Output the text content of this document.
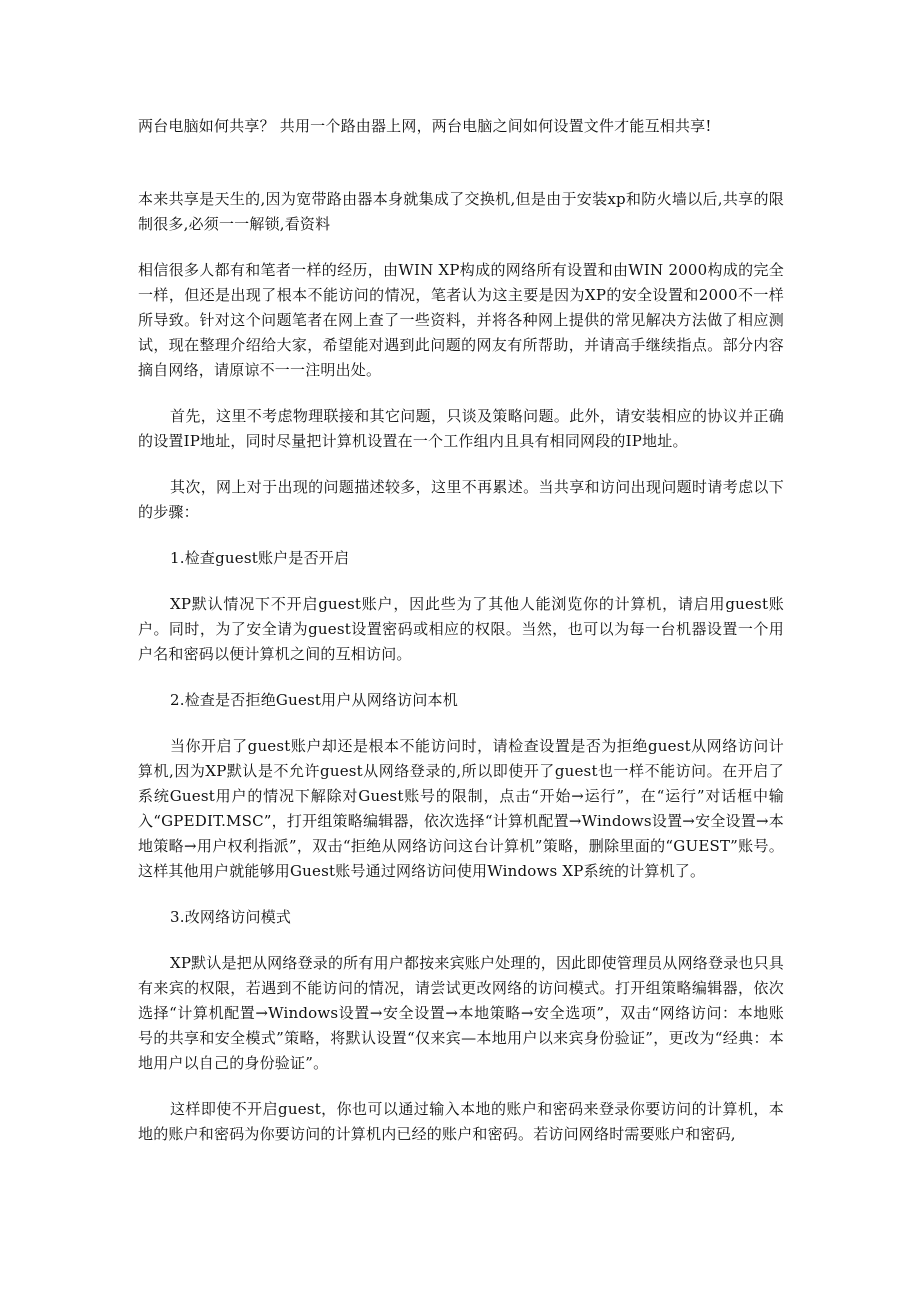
两台电脑如何共享？ 共用一个路由器上网，两台电脑之间如何设置文件才能互相共享!

本来共享是天生的,因为宽带路由器本身就集成了交换机,但是由于安装xp和防火墙以后,共享的限制很多,必须一一解锁,看资料

相信很多人都有和笔者一样的经历，由WIN XP构成的网络所有设置和由WIN 2000构成的完全一样，但还是出现了根本不能访问的情况，笔者认为这主要是因为XP的安全设置和2000不一样所导致。针对这个问题笔者在网上查了一些资料，并将各种网上提供的常见解决方法做了相应测试，现在整理介绍给大家，希望能对遇到此问题的网友有所帮助，并请高手继续指点。部分内容摘自网络，请原谅不一一注明出处。

首先，这里不考虑物理联接和其它问题，只谈及策略问题。此外，请安装相应的协议并正确的设置IP地址，同时尽量把计算机设置在一个工作组内且具有相同网段的IP地址。

其次，网上对于出现的问题描述较多，这里不再累述。当共享和访问出现问题时请考虑以下的步骤：

1.检查guest账户是否开启

XP默认情况下不开启guest账户，因此些为了其他人能浏览你的计算机，请启用guest账户。同时，为了安全请为guest设置密码或相应的权限。当然，也可以为每一台机器设置一个用户名和密码以便计算机之间的互相访问。

2.检查是否拒绝Guest用户从网络访问本机

当你开启了guest账户却还是根本不能访问时，请检查设置是否为拒绝guest从网络访问计算机,因为XP默认是不允许guest从网络登录的,所以即使开了guest也一样不能访问。在开启了系统Guest用户的情况下解除对Guest账号的限制，点击“开始→运行”，在“运行”对话框中输入“GPEDIT.MSC”，打开组策略编辑器，依次选择“计算机配置→Windows设置→安全设置→本地策略→用户权利指派”，双击“拒绝从网络访问这台计算机”策略，删除里面的“GUEST”账号。这样其他用户就能够用Guest账号通过网络访问使用Windows XP系统的计算机了。

3.改网络访问模式

XP默认是把从网络登录的所有用户都按来宾账户处理的，因此即使管理员从网络登录也只具有来宾的权限，若遇到不能访问的情况，请尝试更改网络的访问模式。打开组策略编辑器，依次选择“计算机配置→Windows设置→安全设置→本地策略→安全选项”，双击“网络访问：本地账号的共享和安全模式”策略，将默认设置“仅来宾—本地用户以来宾身份验证”，更改为“经典：本地用户以自己的身份验证”。

这样即使不开启guest，你也可以通过输入本地的账户和密码来登录你要访问的计算机，本地的账户和密码为你要访问的计算机内已经的账户和密码。若访问网络时需要账户和密码,
